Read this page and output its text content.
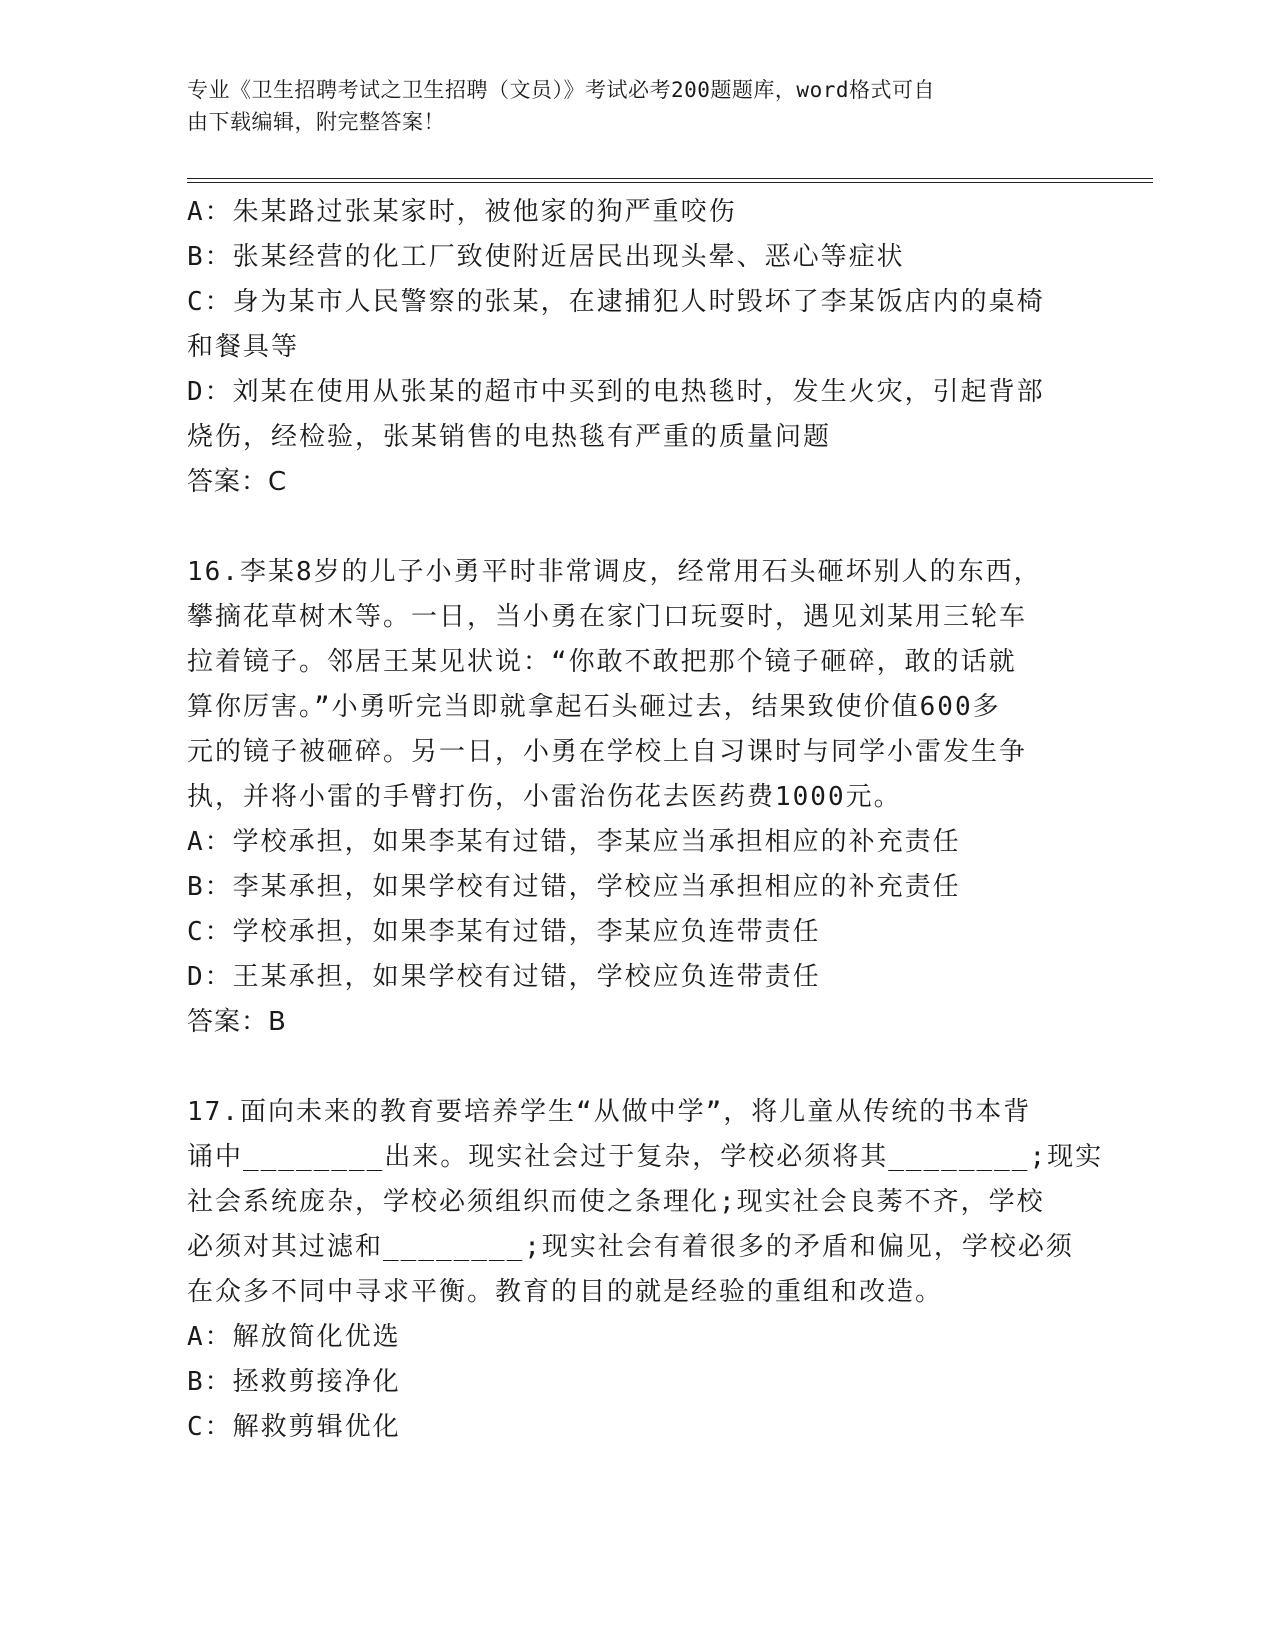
专业《卫生招聘考试之卫生招聘（文员）》考试必考200题题库，word格式可自
由下载编辑，附完整答案！
A：朱某路过张某家时，被他家的狗严重咬伤
B：张某经营的化工厂致使附近居民出现头晕、恶心等症状
C：身为某市人民警察的张某，在逮捕犯人时毁坏了李某饭店内的桌椅
和餐具等
D：刘某在使用从张某的超市中买到的电热毯时，发生火灾，引起背部
烧伤，经检验，张某销售的电热毯有严重的质量问题
答案：C
16.李某8岁的儿子小勇平时非常调皮，经常用石头砸坏别人的东西，
攀摘花草树木等。一日，当小勇在家门口玩耍时，遇见刘某用三轮车
拉着镜子。邻居王某见状说：“你敢不敢把那个镜子砸碎，敢的话就
算你厉害。”小勇听完当即就拿起石头砸过去，结果致使价值600多
元的镜子被砸碎。另一日，小勇在学校上自习课时与同学小雷发生争
执，并将小雷的手臂打伤，小雷治伤花去医药费1000元。
A：学校承担，如果李某有过错，李某应当承担相应的补充责任
B：李某承担，如果学校有过错，学校应当承担相应的补充责任
C：学校承担，如果李某有过错，李某应负连带责任
D：王某承担，如果学校有过错，学校应负连带责任
答案：B
17.面向未来的教育要培养学生“从做中学”，将儿童从传统的书本背
诵中________出来。现实社会过于复杂，学校必须将其________;现实
社会系统庞杂，学校必须组织而使之条理化;现实社会良莠不齐，学校
必须对其过滤和________;现实社会有着很多的矛盾和偏见，学校必须
在众多不同中寻求平衡。教育的目的就是经验的重组和改造。
A：解放简化优选
B：拯救剪接净化
C：解救剪辑优化
